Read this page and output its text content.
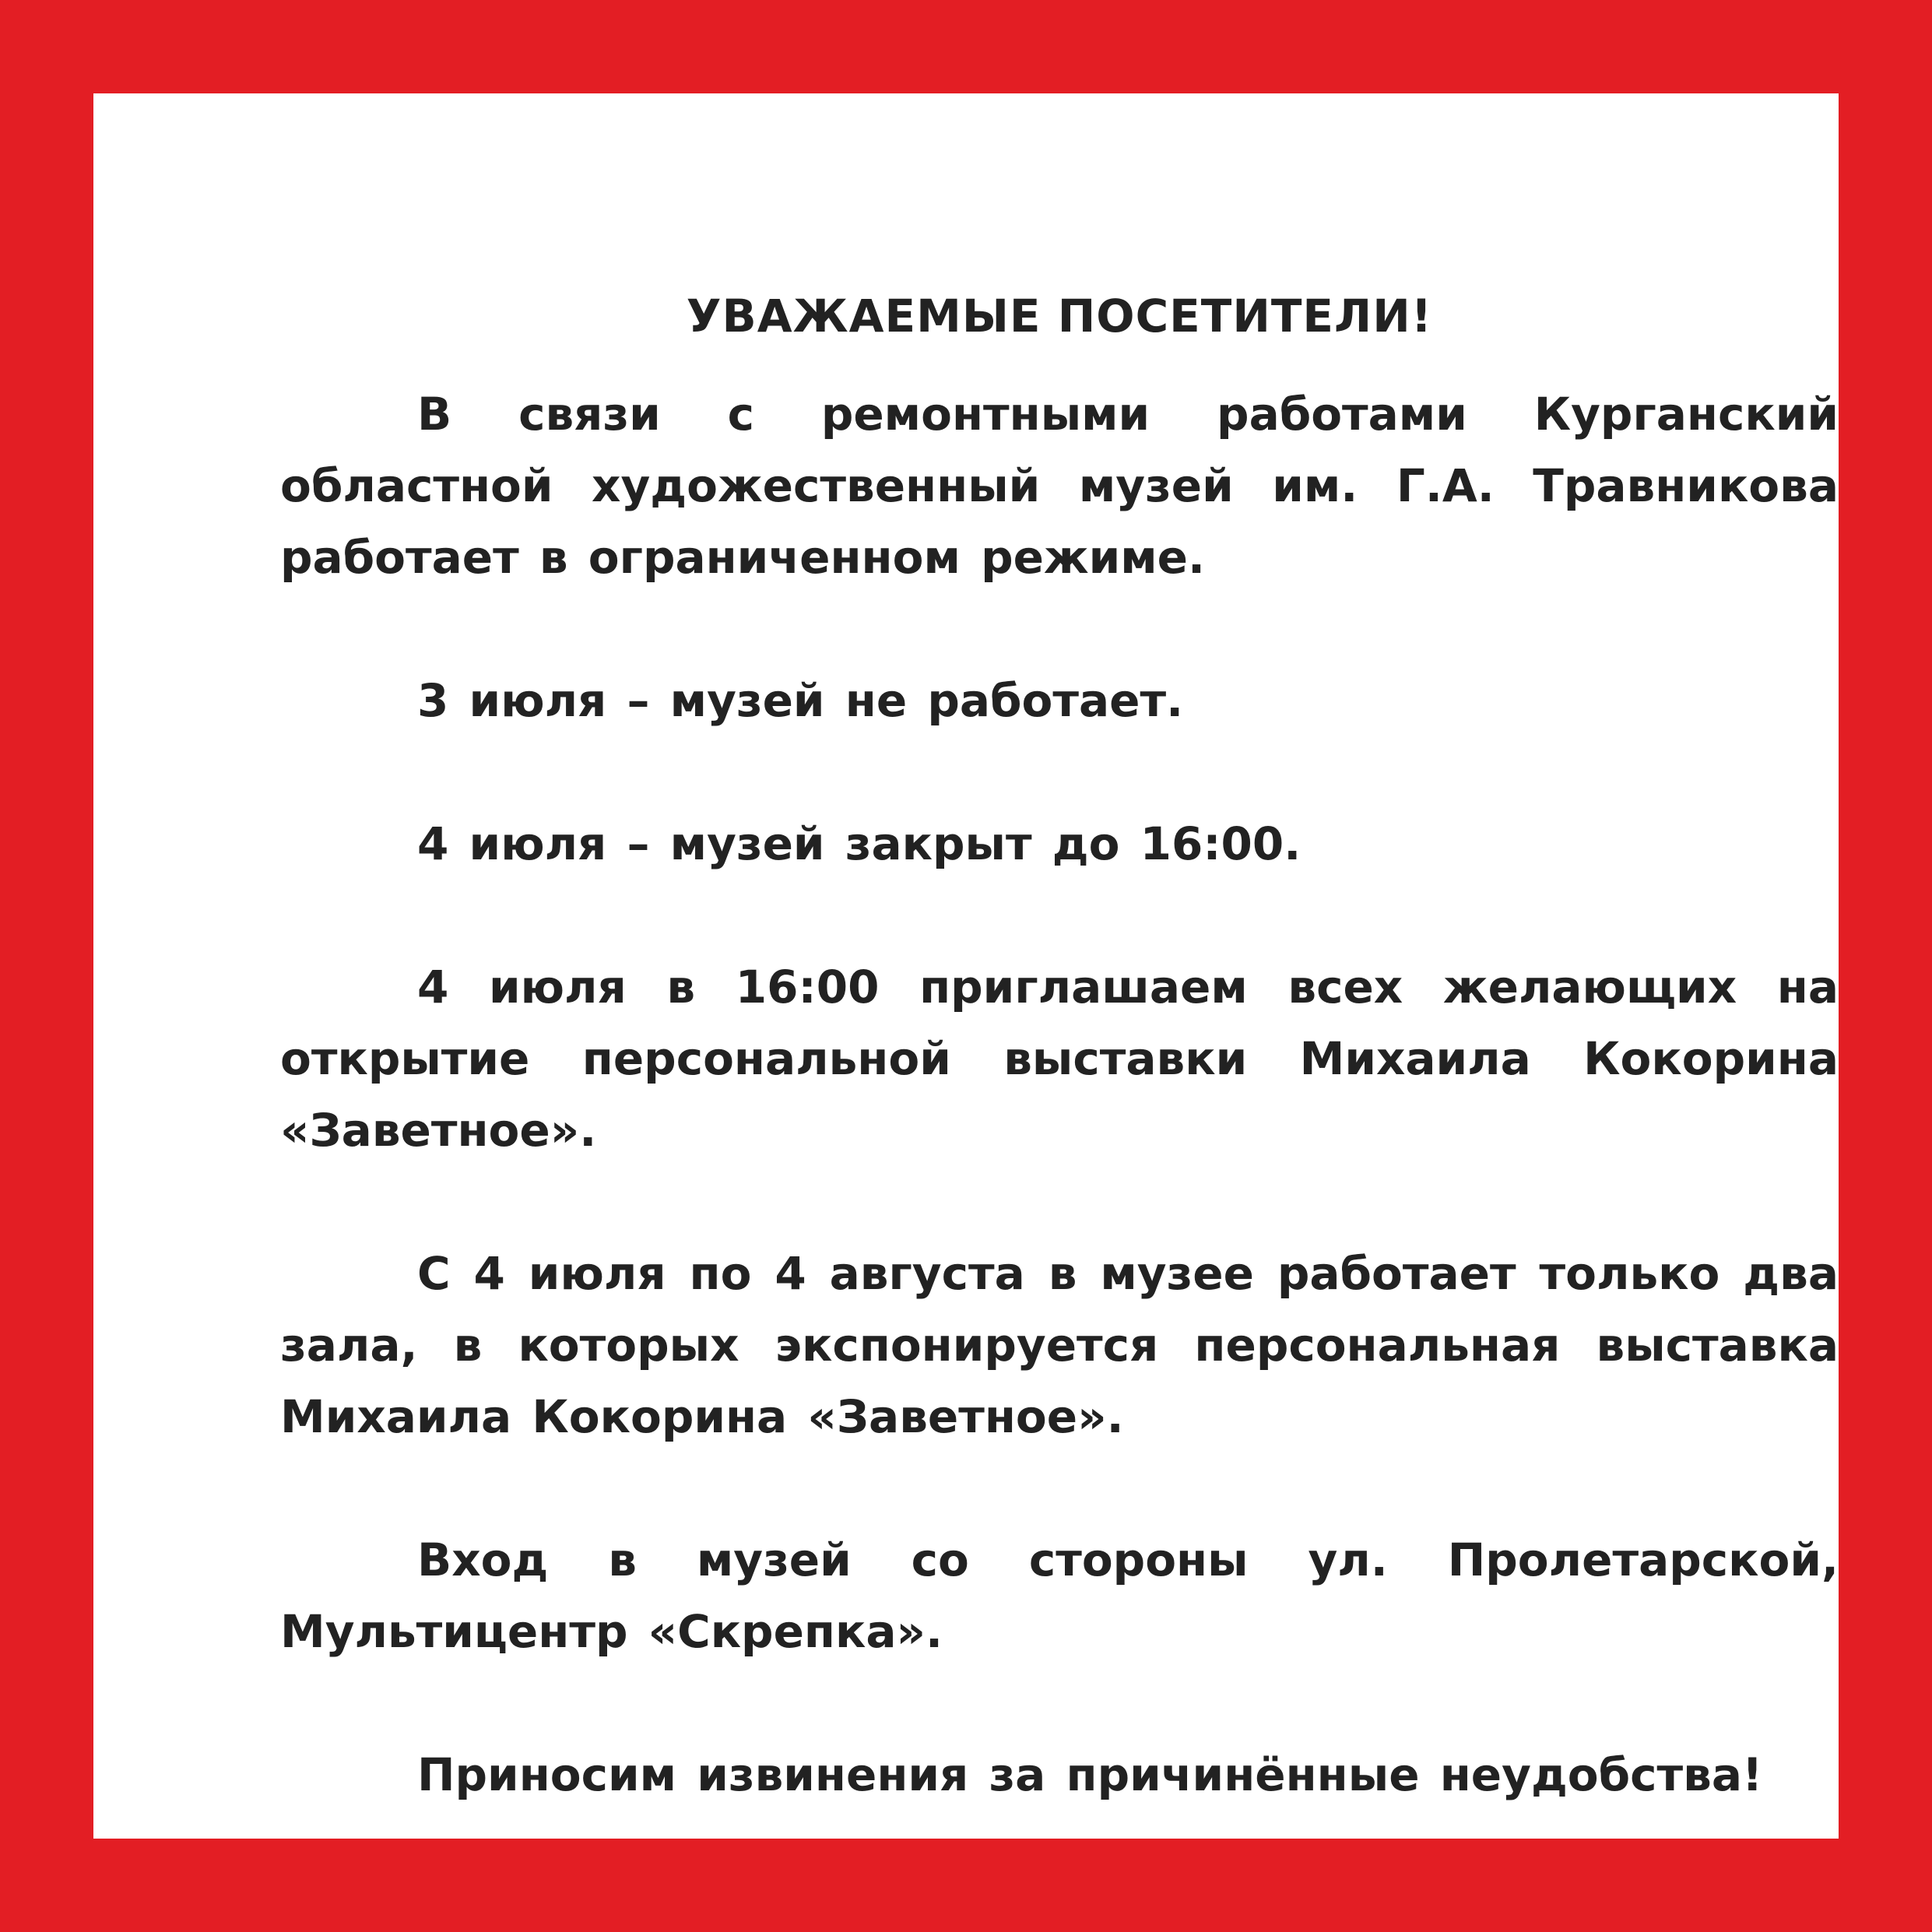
УВАЖАЕМЫЕ ПОСЕТИТЕЛИ!

В связи с ремонтными работами Курганский областной художественный музей им. Г.А. Травникова работает в ограниченном режиме.

3 июля – музей не работает.

4 июля – музей закрыт до 16:00.

4 июля в 16:00 приглашаем всех желающих на открытие персональной выставки Михаила Кокорина «Заветное».

С 4 июля по 4 августа в музее работает только два зала, в которых экспонируется персональная выставка Михаила Кокорина «Заветное».

Вход в музей со стороны ул. Пролетарской, Мультицентр «Скрепка».

Приносим извинения за причинённые неудобства!
